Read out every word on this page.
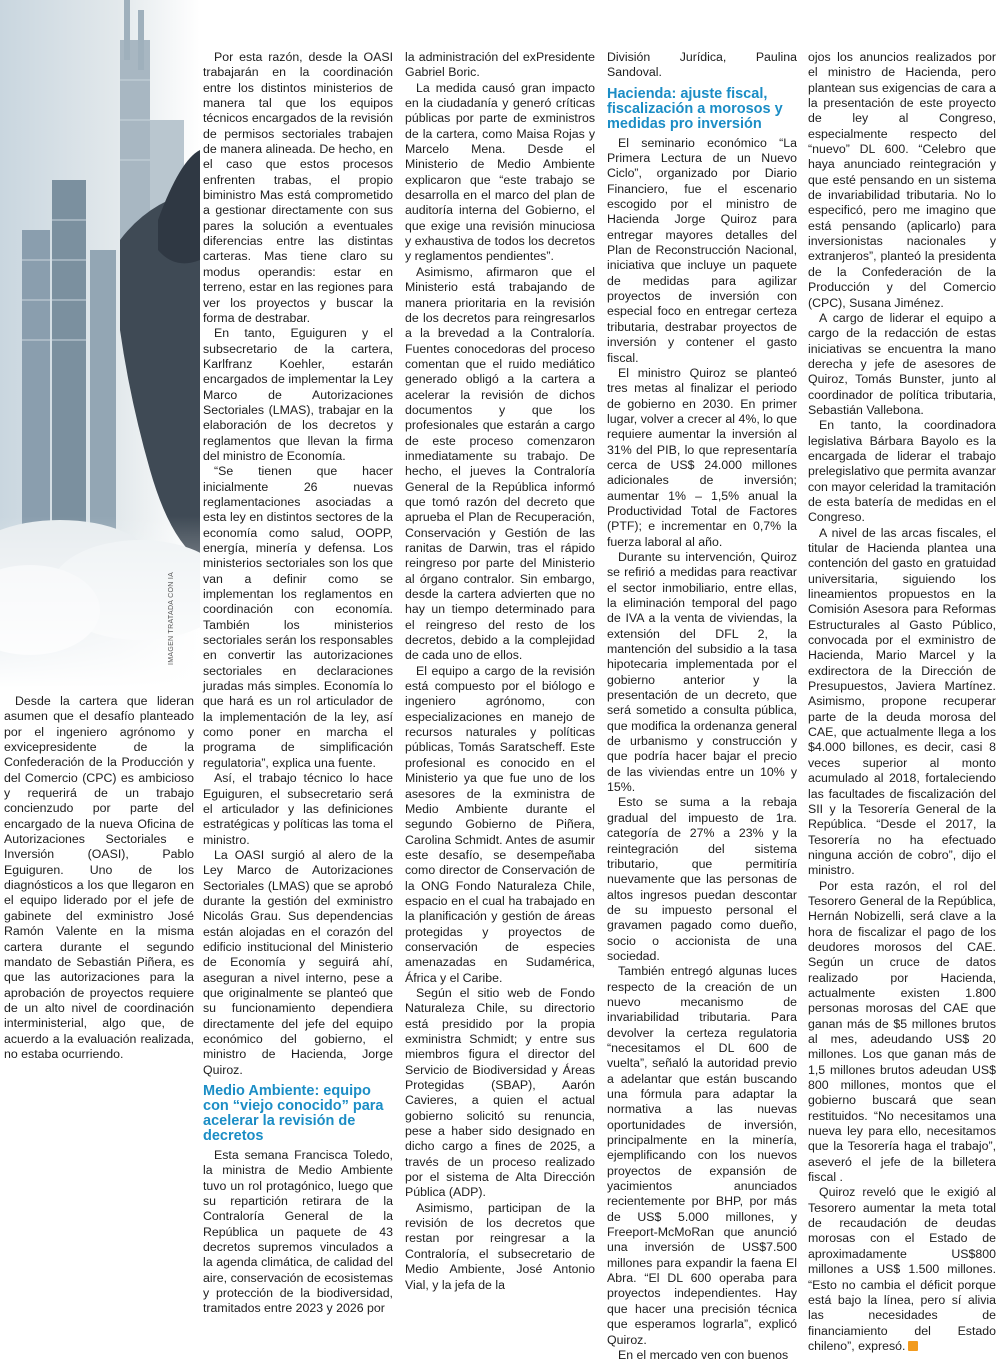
IMAGEN TRATADA CON IA

Desde la cartera que lideran asumen que el desafío planteado por el ingeniero agrónomo y exvicepresidente de la Confederación de la Producción y del Comercio (CPC) es ambicioso y requerirá de un trabajo concienzudo por parte del encargado de la nueva Oficina de Autorizaciones Sectoriales e Inversión (OASI), Pablo Eguiguren. Uno de los diagnósticos a los que llegaron en el equipo liderado por el jefe de gabinete del exministro José Ramón Valente en la misma cartera durante el segundo mandato de Sebastián Piñera, es que las autorizaciones para la aprobación de proyectos requiere de un alto nivel de coordinación interministerial, algo que, de acuerdo a la evaluación realizada, no estaba ocurriendo.

Por esta razón, desde la OASI trabajarán en la coordinación entre los distintos ministerios de manera tal que los equipos técnicos encargados de la revisión de permisos sectoriales trabajen de manera alineada. De hecho, en el caso que estos procesos enfrenten trabas, el propio biministro Mas está comprometido a gestionar directamente con sus pares la solución a eventuales diferencias entre las distintas carteras. Mas tiene claro su modus operandis: estar en terreno, estar en las regiones para ver los proyectos y buscar la forma de destrabar.

En tanto, Eguiguren y el subsecretario de la cartera, Karlfranz Koehler, estarán encargados de implementar la Ley Marco de Autorizaciones Sectoriales (LMAS), trabajar en la elaboración de los decretos y reglamentos que llevan la firma del ministro de Economía.

“Se tienen que hacer inicialmente 26 nuevas reglamentaciones asociadas a esta ley en distintos sectores de la economía como salud, OOPP, energía, minería y defensa. Los ministerios sectoriales son los que van a definir como se implementan los reglamentos en coordinación con economía. También los ministerios sectoriales serán los responsables en convertir las autorizaciones sectoriales en declaraciones juradas más simples. Economía lo que hará es un rol articulador de la implementación de la ley, así como poner en marcha el programa de simplificación regulatoria”, explica una fuente.

Así, el trabajo técnico lo hace Eguiguren, el subsecretario será el articulador y las definiciones estratégicas y políticas las toma el ministro.

La OASI surgió al alero de la Ley Marco de Autorizaciones Sectoriales (LMAS) que se aprobó durante la gestión del exministro Nicolás Grau. Sus dependencias están alojadas en el corazón del edificio institucional del Ministerio de Economía y seguirá ahí, aseguran a nivel interno, pese a que originalmente se planteó que su funcionamiento dependiera directamente del jefe del equipo económico del gobierno, el ministro de Hacienda, Jorge Quiroz.

Medio Ambiente: equipo con “viejo conocido” para acelerar la revisión de decretos

Esta semana Francisca Toledo, la ministra de Medio Ambiente tuvo un rol protagónico, luego que su repartición retirara de la Contraloría General de la República un paquete de 43 decretos supremos vinculados a la agenda climática, de calidad del aire, conservación de ecosistemas y protección de la biodiversidad, tramitados entre 2023 y 2026 por

la administración del exPresidente Gabriel Boric.

La medida causó gran impacto en la ciudadanía y generó críticas públicas por parte de exministros de la cartera, como Maisa Rojas y Marcelo Mena. Desde el Ministerio de Medio Ambiente explicaron que “este trabajo se desarrolla en el marco del plan de auditoría interna del Gobierno, el que exige una revisión minuciosa y exhaustiva de todos los decretos y reglamentos pendientes”.

Asimismo, afirmaron que el Ministerio está trabajando de manera prioritaria en la revisión de los decretos para reingresarlos a la brevedad a la Contraloría. Fuentes conocedoras del proceso comentan que el ruido mediático generado obligó a la cartera a acelerar la revisión de dichos documentos y que los profesionales que estarán a cargo de este proceso comenzaron inmediatamente su trabajo. De hecho, el jueves la Contraloría General de la República informó que tomó razón del decreto que aprueba el Plan de Recuperación, Conservación y Gestión de las ranitas de Darwin, tras el rápido reingreso por parte del Ministerio al órgano contralor. Sin embargo, desde la cartera advierten que no hay un tiempo determinado para el reingreso del resto de los decretos, debido a la complejidad de cada uno de ellos.

El equipo a cargo de la revisión está compuesto por el biólogo e ingeniero agrónomo, con especializaciones en manejo de recursos naturales y políticas públicas, Tomás Saratscheff. Este profesional es conocido en el Ministerio ya que fue uno de los asesores de la exministra de Medio Ambiente durante el segundo Gobierno de Piñera, Carolina Schmidt. Antes de asumir este desafío, se desempeñaba como director de Conservación de la ONG Fondo Naturaleza Chile, espacio en el cual ha trabajado en la planificación y gestión de áreas protegidas y proyectos de conservación de especies amenazadas en Sudamérica, África y el Caribe.

Según el sitio web de Fondo Naturaleza Chile, su directorio está presidido por la propia exministra Schmidt; y entre sus miembros figura el director del Servicio de Biodiversidad y Áreas Protegidas (SBAP), Aarón Cavieres, a quien el actual gobierno solicitó su renuncia, pese a haber sido designado en dicho cargo a fines de 2025, a través de un proceso realizado por el sistema de Alta Dirección Pública (ADP).

Asimismo, participan de la revisión de los decretos que restan por reingresar a la Contraloría, el subsecretario de Medio Ambiente, José Antonio Vial, y la jefa de la

División Jurídica, Paulina Sandoval.

Hacienda: ajuste fiscal, fiscalización a morosos y medidas pro inversión

El seminario económico “La Primera Lectura de un Nuevo Ciclo”, organizado por Diario Financiero, fue el escenario escogido por el ministro de Hacienda Jorge Quiroz para entregar mayores detalles del Plan de Reconstrucción Nacional, iniciativa que incluye un paquete de medidas para agilizar proyectos de inversión con especial foco en entregar certeza tributaria, destrabar proyectos de inversión y contener el gasto fiscal.

El ministro Quiroz se planteó tres metas al finalizar el periodo de gobierno en 2030. En primer lugar, volver a crecer al 4%, lo que requiere aumentar la inversión al 31% del PIB, lo que representaría cerca de US$ 24.000 millones adicionales de inversión; aumentar 1% – 1,5% anual la Productividad Total de Factores (PTF); e incrementar en 0,7% la fuerza laboral al año.

Durante su intervención, Quiroz se refirió a medidas para reactivar el sector inmobiliario, entre ellas, la eliminación temporal del pago de IVA a la venta de viviendas, la extensión del DFL 2, la mantención del subsidio a la tasa hipotecaria implementada por el gobierno anterior y la presentación de un decreto, que será sometido a consulta pública, que modifica la ordenanza general de urbanismo y construcción y que podría hacer bajar el precio de las viviendas entre un 10% y 15%.

Esto se suma a la rebaja gradual del impuesto de 1ra. categoría de 27% a 23% y la reintegración del sistema tributario, que permitiría nuevamente que las personas de altos ingresos puedan descontar de su impuesto personal el gravamen pagado como dueño, socio o accionista de una sociedad.

También entregó algunas luces respecto de la creación de un nuevo mecanismo de invariabilidad tributaria. Para devolver la certeza regulatoria “necesitamos el DL 600 de vuelta”, señaló la autoridad previo a adelantar que están buscando una fórmula para adaptar la normativa a las nuevas oportunidades de inversión, principalmente en la minería, ejemplificando con los nuevos proyectos de expansión de yacimientos anunciados recientemente por BHP, por más de US$ 5.000 millones, y Freeport-McMoRan que anunció una inversión de US$7.500 millones para expandir la faena El Abra. “El DL 600 operaba para proyectos independientes. Hay que hacer una precisión técnica que esperamos lograrla”, explicó Quiroz.

En el mercado ven con buenos

ojos los anuncios realizados por el ministro de Hacienda, pero plantean sus exigencias de cara a la presentación de este proyecto de ley al Congreso, especialmente respecto del “nuevo” DL 600. “Celebro que haya anunciado reintegración y que esté pensando en un sistema de invariabilidad tributaria. No lo especificó, pero me imagino que está pensando (aplicarlo) para inversionistas nacionales y extranjeros”, planteó la presidenta de la Confederación de la Producción y del Comercio (CPC), Susana Jiménez.

A cargo de liderar el equipo a cargo de la redacción de estas iniciativas se encuentra la mano derecha y jefe de asesores de Quiroz, Tomás Bunster, junto al coordinador de política tributaria, Sebastián Vallebona.

En tanto, la coordinadora legislativa Bárbara Bayolo es la encargada de liderar el trabajo prelegislativo que permita avanzar con mayor celeridad la tramitación de esta batería de medidas en el Congreso.

A nivel de las arcas fiscales, el titular de Hacienda plantea una contención del gasto en gratuidad universitaria, siguiendo los lineamientos propuestos en la Comisión Asesora para Reformas Estructurales al Gasto Público, convocada por el exministro de Hacienda, Mario Marcel y la exdirectora de la Dirección de Presupuestos, Javiera Martínez. Asimismo, propone recuperar parte de la deuda morosa del CAE, que actualmente llega a los $4.000 billones, es decir, casi 8 veces superior al monto acumulado al 2018, fortaleciendo las facultades de fiscalización del SII y la Tesorería General de la República. “Desde el 2017, la Tesorería no ha efectuado ninguna acción de cobro”, dijo el ministro.

Por esta razón, el rol del Tesorero General de la República, Hernán Nobizelli, será clave a la hora de fiscalizar el pago de los deudores morosos del CAE. Según un cruce de datos realizado por Hacienda, actualmente existen 1.800 personas morosas del CAE que ganan más de $5 millones brutos al mes, adeudando US$ 20 millones. Los que ganan más de 1,5 millones brutos adeudan US$ 800 millones, montos que el gobierno buscará que sean restituidos. “No necesitamos una nueva ley para ello, necesitamos que la Tesorería haga el trabajo”, aseveró el jefe de la billetera fiscal .

Quiroz reveló que le exigió al Tesorero aumentar la meta total de recaudación de deudas morosas con el Estado de aproximadamente US$800 millones a US$ 1.500 millones. “Esto no cambia el déficit porque está bajo la línea, pero sí alivia las necesidades de financiamiento del Estado chileno”, expresó.
